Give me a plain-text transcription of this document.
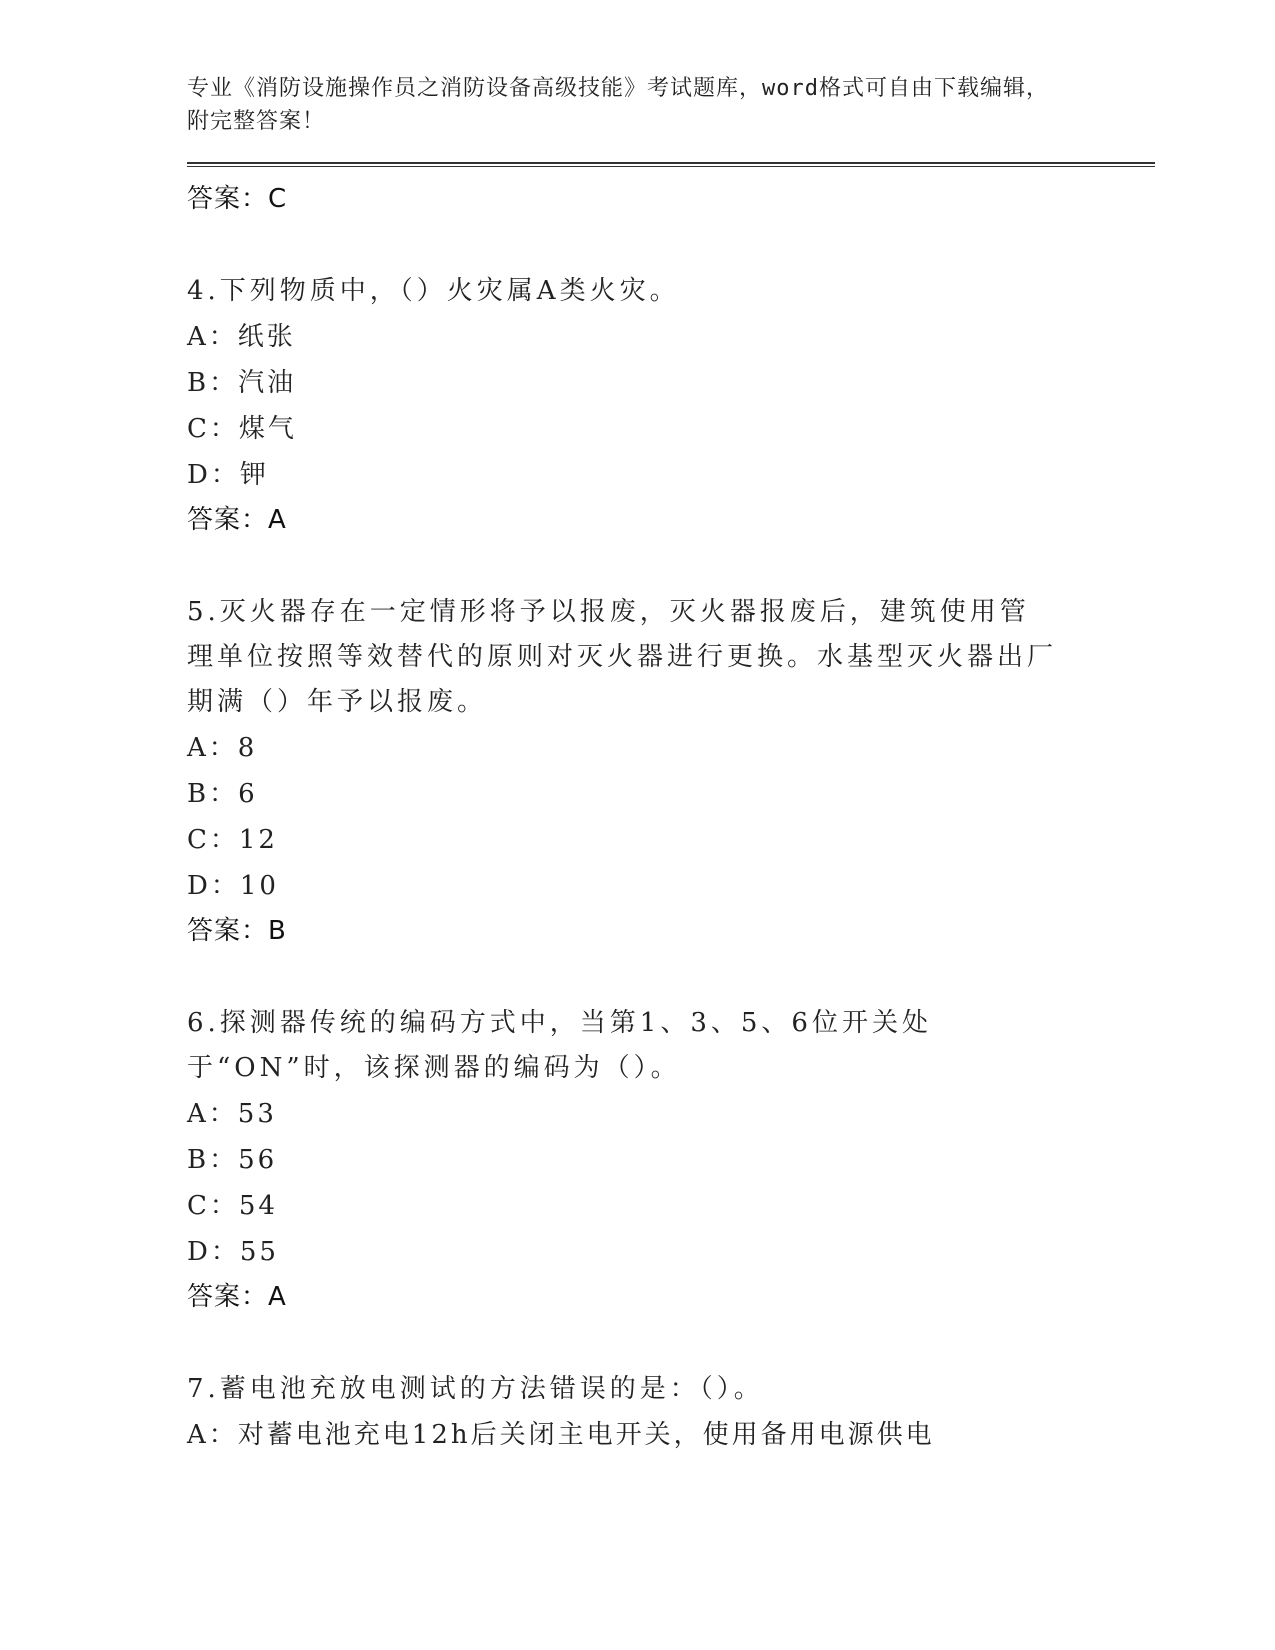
专业《消防设施操作员之消防设备高级技能》考试题库，word格式可自由下载编辑，附完整答案！

答案：C

4.下列物质中，（）火灾属A类火灾。

A：纸张
B：汽油
C：煤气
D：钾
答案：A

5.灭火器存在一定情形将予以报废，灭火器报废后，建筑使用管理单位按照等效替代的原则对灭火器进行更换。水基型灭火器出厂期满（）年予以报废。

A：8
B：6
C：12
D：10
答案：B

6.探测器传统的编码方式中，当第1、3、5、6位开关处于“ON”时，该探测器的编码为（）。

A：53
B：56
C：54
D：55
答案：A

7.蓄电池充放电测试的方法错误的是：（）。

A：对蓄电池充电12h后关闭主电开关，使用备用电源供电
